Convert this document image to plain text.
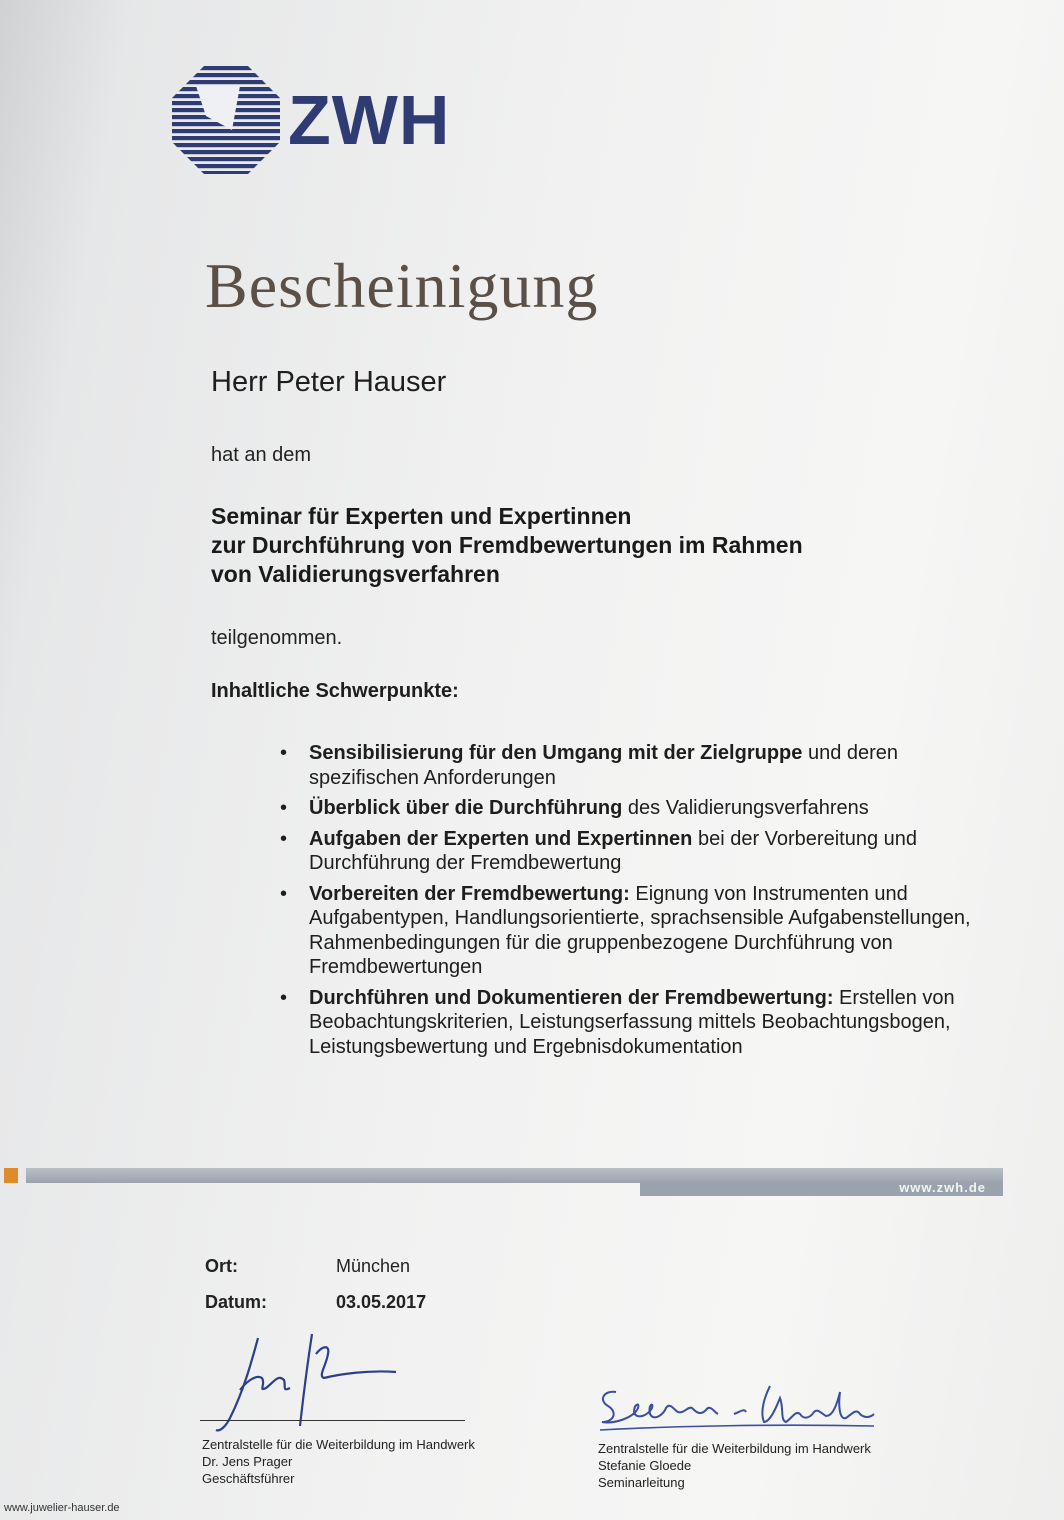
ZWH
Bescheinigung
Herr Peter Hauser
hat an dem
Seminar für Experten und Expertinnen
zur Durchführung von Fremdbewertungen im Rahmen
von Validierungsverfahren
teilgenommen.
Inhaltliche Schwerpunkte:
• Sensibilisierung für den Umgang mit der Zielgruppe und deren spezifischen Anforderungen
• Überblick über die Durchführung des Validierungsverfahrens
• Aufgaben der Experten und Expertinnen bei der Vorbereitung und Durchführung der Fremdbewertung
• Vorbereiten der Fremdbewertung: Eignung von Instrumenten und Aufgabentypen, Handlungsorientierte, sprachsensible Aufgabenstellungen, Rahmenbedingungen für die gruppenbezogene Durchführung von Fremdbewertungen
• Durchführen und Dokumentieren der Fremdbewertung: Erstellen von Beobachtungskriterien, Leistungserfassung mittels Beobachtungsbogen, Leistungsbewertung und Ergebnisdokumentation
www.zwh.de
Ort:	München
Datum:	03.05.2017
Zentralstelle für die Weiterbildung im Handwerk
Dr. Jens Prager
Geschäftsführer
Zentralstelle für die Weiterbildung im Handwerk
Stefanie Gloede
Seminarleitung
www.juwelier-hauser.de
